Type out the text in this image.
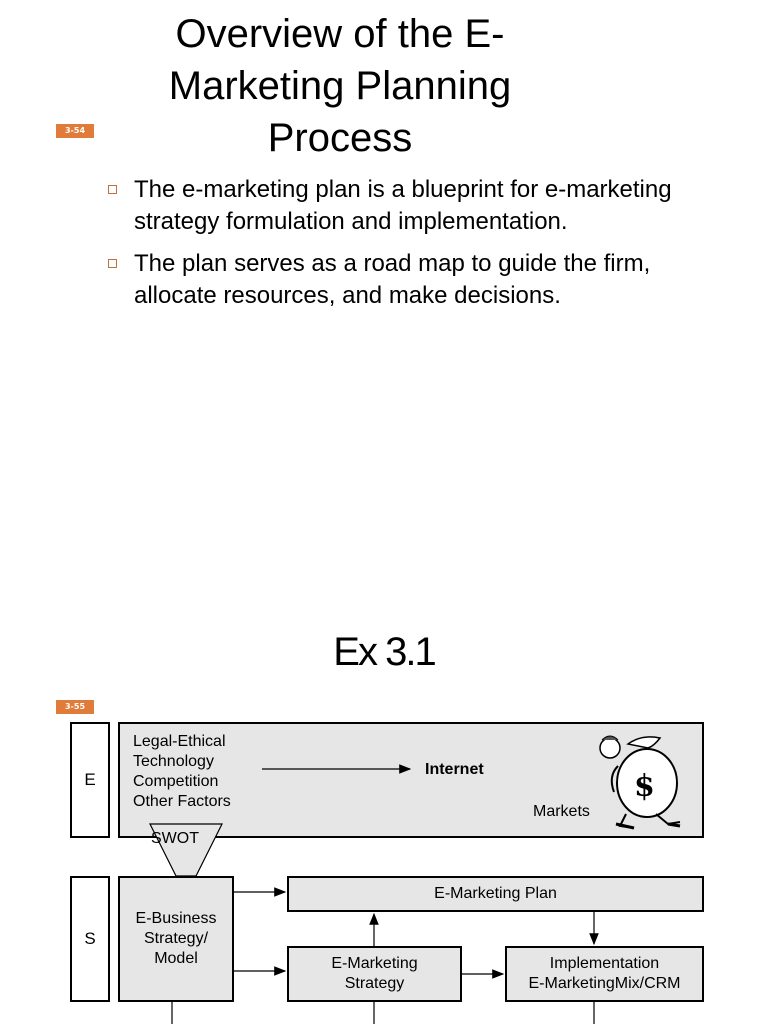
Overview of the E-Marketing Planning Process
3-54
The e-marketing plan is a blueprint for e-marketing strategy formulation and implementation.
The plan serves as a road map to guide the firm, allocate resources, and make decisions.
Ex 3.1
3-55
E
S
Legal-Ethical
Technology
Competition
Other Factors
Internet
Markets
E-Business Strategy/ Model
E-Marketing Plan
E-Marketing
Strategy
Implementation
E-MarketingMix/CRM
SWOT
$
